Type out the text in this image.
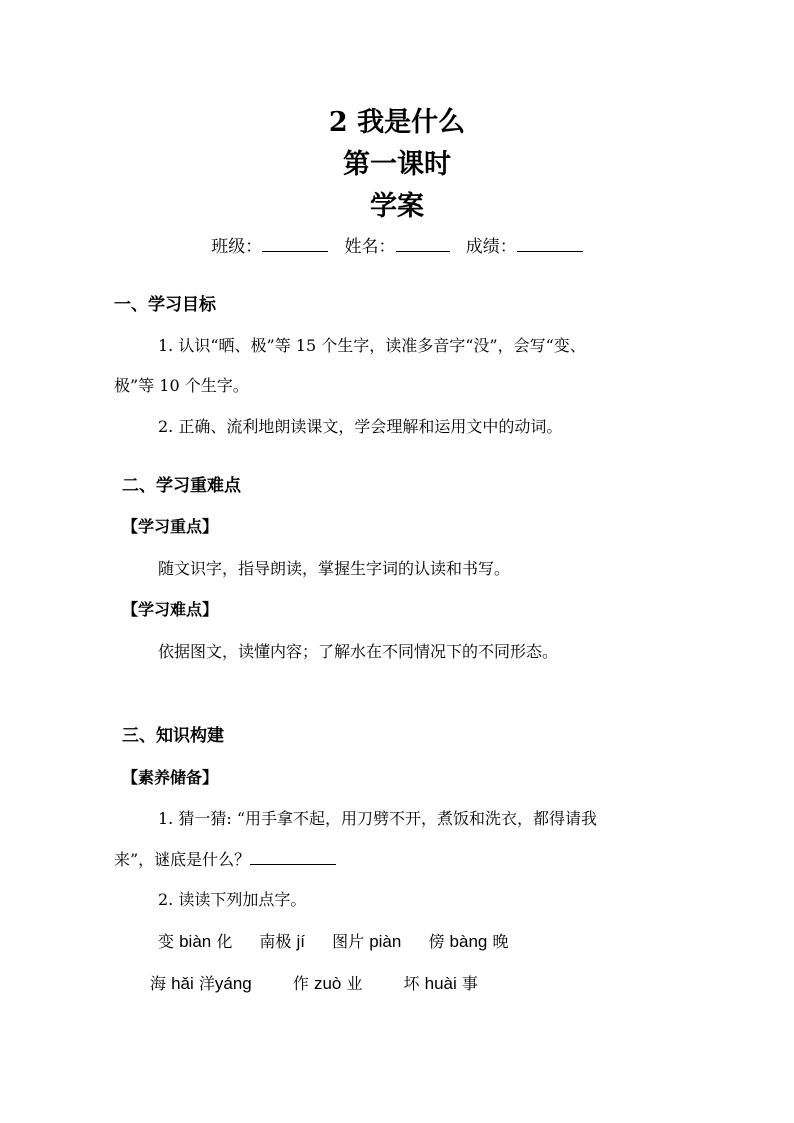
2 我是什么
第一课时
学案
班级：	姓名：	成绩：
一、学习目标
1. 认识“晒、极”等 15 个生字，读准多音字“没”，会写“变、
极”等 10 个生字。
2. 正确、流利地朗读课文，学会理解和运用文中的动词。
二、学习重难点
【学习重点】
随文识字，指导朗读，掌握生字词的认读和书写。
【学习难点】
依据图文，读懂内容；了解水在不同情况下的不同形态。
三、知识构建
【素养储备】
1. 猜一猜: “用手拿不起，用刀劈不开，煮饭和洗衣，都得请我
来”，谜底是什么？
2. 读读下列加点字。
变 biàn 化 南极 jí 图片 piàn 傍 bàng 晚
海 hǎi 洋yáng	作 zuò 业	坏 huài 事
